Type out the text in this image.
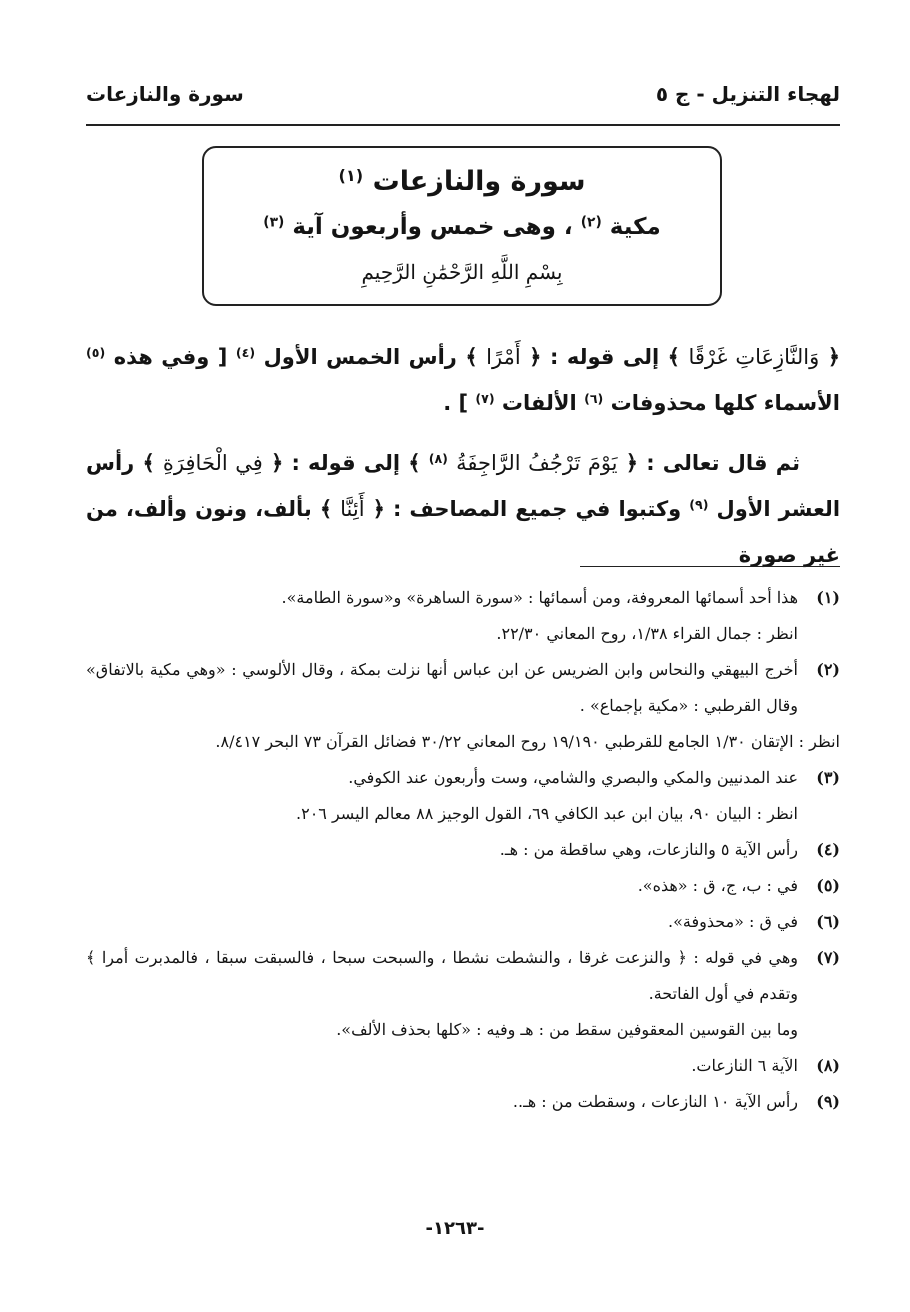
لهجاء التنزيل - ج ٥
سورة والنازعات
سورة والنازعات $^{(١)}$
مكية $^{(٢)}$ ، وهى خمس وأربعون آية $^{(٣)}$
بِسْمِ اللَّهِ الرَّحْمَٰنِ الرَّحِيمِ
﴿ وَالنَّازِعَاتِ غَرْقًا ﴾ إلى قوله : ﴿ أَمْرًا ﴾ رأس الخمس الأول $^{(٤)}$ [ وفي هذه $^{(٥)}$ الأسماء كلها محذوفات $^{(٦)}$ الألفات $^{(٧)}$ ] .
ثم قال تعالى : ﴿ يَوْمَ تَرْجُفُ الرَّاجِفَةُ $^{(٨)}$ ﴾ إلى قوله : ﴿ فِي الْحَافِرَةِ ﴾ رأس العشر الأول $^{(٩)}$ وكتبوا في جميع المصاحف : ﴿ أَئِنَّا ﴾ بألف، ونون وألف، من غير صورة
(١)
هذا أحد أسمائها المعروفة، ومن أسمائها : «سورة الساهرة» و«سورة الطامة».
انظر : جمال القراء ١/٣٨، روح المعاني ٢٢/٣٠.
(٢)
أخرج البيهقي والنحاس وابن الضريس عن ابن عباس أنها نزلت بمكة ، وقال الألوسي : «وهي مكية بالاتفاق» وقال القرطبي : «مكية بإجماع» .
انظر : الإتقان ١/٣٠ الجامع للقرطبي ١٩/١٩٠ روح المعاني ٣٠/٢٢ فضائل القرآن ٧٣ البحر ٨/٤١٧.
(٣)
عند المدنيين والمكي والبصري والشامي، وست وأربعون عند الكوفي.
انظر : البيان ٩٠، بيان ابن عبد الكافي ٦٩، القول الوجيز ٨٨ معالم اليسر ٢٠٦.
(٤)
رأس الآية ٥ والنازعات، وهي ساقطة من : هـ.
(٥)
في : ب، ج، ق : «هذه».
(٦)
في ق : «محذوفة».
(٧)
وهي في قوله : ﴿ والنزعت غرقا ، والنشطت نشطا ، والسبحت سبحا ، فالسبقت سبقا ، فالمدبرت أمرا ﴾ وتقدم في أول الفاتحة.
وما بين القوسين المعقوفين سقط من : هـ وفيه : «كلها بحذف الألف».
(٨)
الآية ٦ النازعات.
(٩)
رأس الآية ١٠ النازعات ، وسقطت من : هـ..
-١٢٦٣-
